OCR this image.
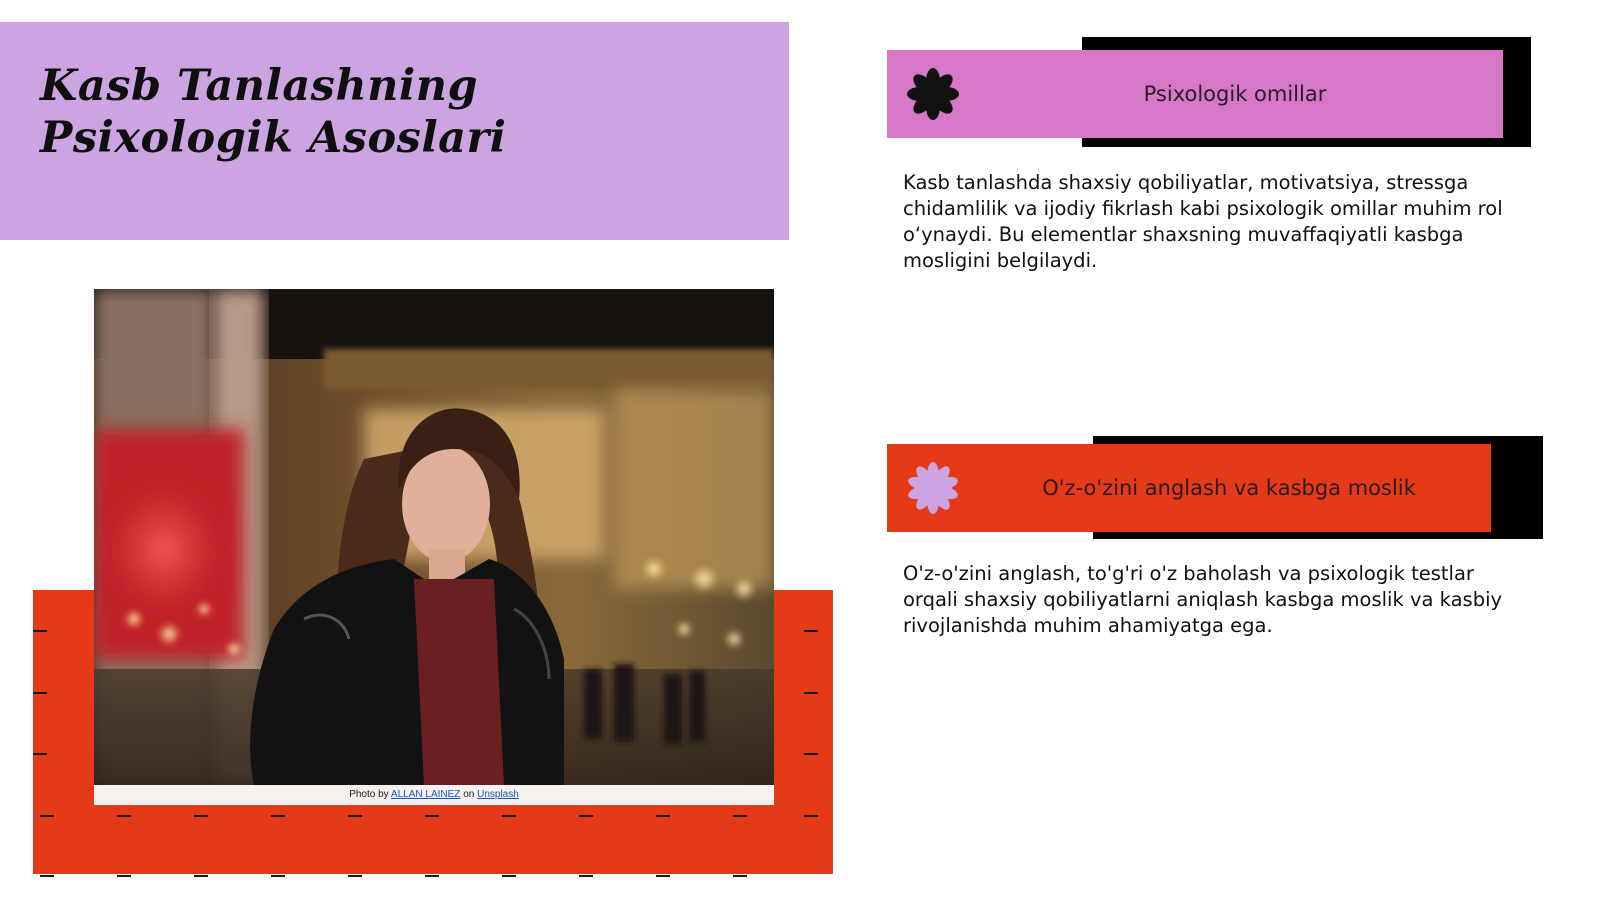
Kasb Tanlashning
Psixologik Asoslari
Photo by ALLAN LAINEZ on Unsplash
Psixologik omillar
Kasb tanlashda shaxsiy qobiliyatlar, motivatsiya, stressga chidamlilik va ijodiy fikrlash kabi psixologik omillar muhim rol o‘ynaydi. Bu elementlar shaxsning muvaffaqiyatli kasbga mosligini belgilaydi.
O'z-o'zini anglash va kasbga moslik
O'z-o'zini anglash, to'g'ri o'z baholash va psixologik testlar orqali shaxsiy qobiliyatlarni aniqlash kasbga moslik va kasbiy rivojlanishda muhim ahamiyatga ega.
